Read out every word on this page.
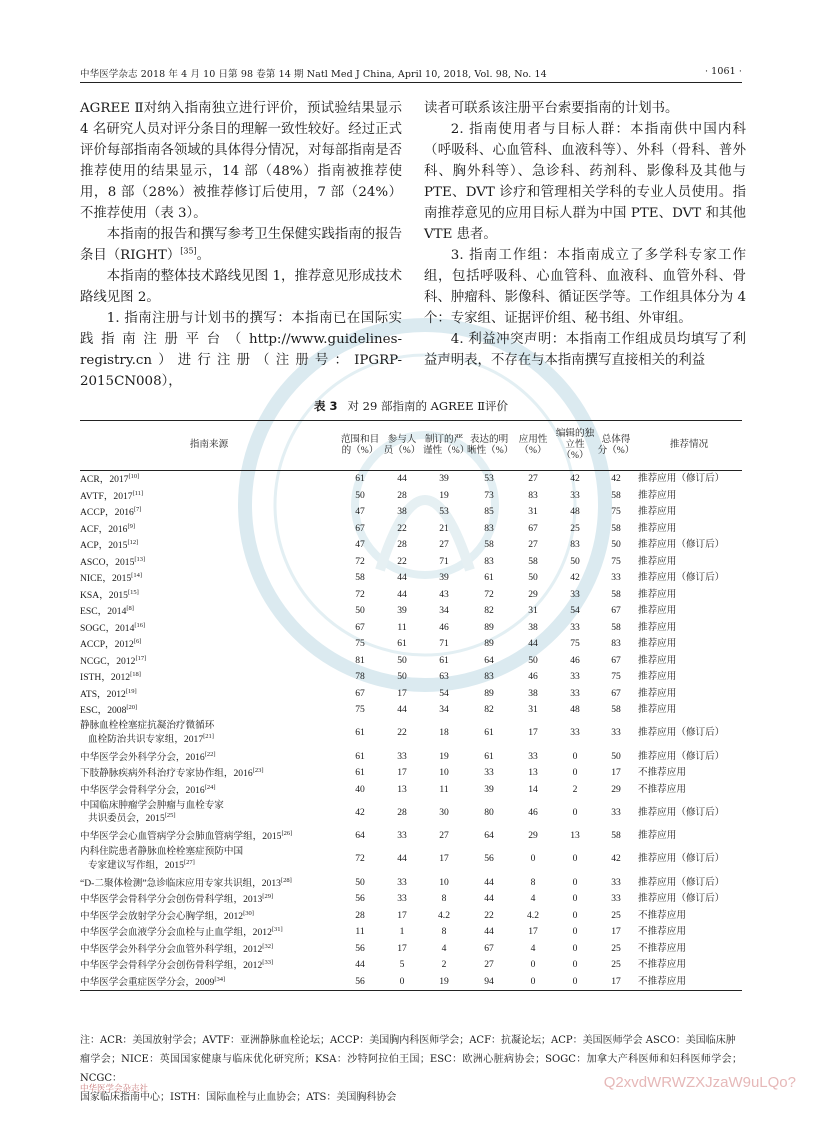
中华医学杂志 2018 年 4 月 10 日第 98 卷第 14 期 Natl Med J China, April 10, 2018, Vol. 98, No. 14	· 1061 ·

AGREE Ⅱ对纳入指南独立进行评价，预试验结果显示 4 名研究人员对评分条目的理解一致性较好。经过正式评价每部指南各领域的具体得分情况，对每部指南是否推荐使用的结果显示，14 部（48%）指南被推荐使用，8 部（28%）被推荐修订后使用，7 部（24%）不推荐使用（表 3）。

本指南的报告和撰写参考卫生保健实践指南的报告条目（RIGHT）[35]。

本指南的整体技术路线见图 1，推荐意见形成技术路线见图 2。

1. 指南注册与计划书的撰写：本指南已在国际实践指南注册平台（http://www.guidelines-registry.cn）进行注册（注册号：IPGRP-2015CN008），

读者可联系该注册平台索要指南的计划书。

2. 指南使用者与目标人群：本指南供中国内科（呼吸科、心血管科、血液科等）、外科（骨科、普外科、胸外科等）、急诊科、药剂科、影像科及其他与 PTE、DVT 诊疗和管理相关学科的专业人员使用。指南推荐意见的应用目标人群为中国 PTE、DVT 和其他 VTE 患者。

3. 指南工作组：本指南成立了多学科专家工作组，包括呼吸科、心血管科、血液科、血管外科、骨科、肿瘤科、影像科、循证医学等。工作组具体分为 4 个：专家组、证据评价组、秘书组、外审组。

4. 利益冲突声明：本指南工作组成员均填写了利益声明表，不存在与本指南撰写直接相关的利益

表 3 对 29 部指南的 AGREE Ⅱ评价
指南来源	范围和目的（%）	参与人员（%）	制订的严谨性（%）	表达的明晰性（%）	应用性（%）	编辑的独立性（%）	总体得分（%）	推荐情况
ACR，2017[10]	61	44	39	53	27	42	42	推荐应用（修订后）
AVTF，2017[11]	50	28	19	73	83	33	58	推荐应用
ACCP，2016[7]	47	38	53	85	31	48	75	推荐应用
ACF，2016[9]	67	22	21	83	67	25	58	推荐应用
ACP，2015[12]	47	28	27	58	27	83	50	推荐应用（修订后）
ASCO，2015[13]	72	22	71	83	58	50	75	推荐应用
NICE，2015[14]	58	44	39	61	50	42	33	推荐应用（修订后）
KSA，2015[15]	72	44	43	72	29	33	58	推荐应用
ESC，2014[8]	50	39	34	82	31	54	67	推荐应用
SOGC，2014[16]	67	11	46	89	38	33	58	推荐应用
ACCP，2012[6]	75	61	71	89	44	75	83	推荐应用
NCGC，2012[17]	81	50	61	64	50	46	67	推荐应用
ISTH，2012[18]	78	50	63	83	46	33	75	推荐应用
ATS，2012[19]	67	17	54	89	38	33	67	推荐应用
ESC，2008[20]	75	44	34	82	31	48	58	推荐应用
静脉血栓栓塞症抗凝治疗微循环
血栓防治共识专家组，2017[21]	61	22	18	61	17	33	33	推荐应用（修订后）
中华医学会外科学分会，2016[22]	61	33	19	61	33	0	50	推荐应用（修订后）
下肢静脉疾病外科治疗专家协作组，2016[23]	61	17	10	33	13	0	17	不推荐应用
中华医学会骨科学分会，2016[24]	40	13	11	39	14	2	29	不推荐应用
中国临床肿瘤学会肿瘤与血栓专家
共识委员会，2015[25]	42	28	30	80	46	0	33	推荐应用（修订后）
中华医学会心血管病学分会肺血管病学组，2015[26]	64	33	27	64	29	13	58	推荐应用
内科住院患者静脉血栓栓塞症预防中国
专家建议写作组，2015[27]	72	44	17	56	0	0	42	推荐应用（修订后）
“D-二聚体检测”急诊临床应用专家共识组，2013[28]	50	33	10	44	8	0	33	推荐应用（修订后）
中华医学会骨科学分会创伤骨科学组，2013[29]	56	33	8	44	4	0	33	推荐应用（修订后）
中华医学会放射学分会心胸学组，2012[30]	28	17	4.2	22	4.2	0	25	不推荐应用
中华医学会血液学分会血栓与止血学组，2012[31]	11	1	8	44	17	0	17	不推荐应用
中华医学会外科学分会血管外科学组，2012[32]	56	17	4	67	4	0	25	不推荐应用
中华医学会骨科学分会创伤骨科学组，2012[33]	44	5	2	27	0	0	25	不推荐应用
中华医学会重症医学分会，2009[34]	56	0	19	94	0	0	17	不推荐应用
注：ACR：美国放射学会；AVTF：亚洲静脉血栓论坛；ACCP：美国胸内科医师学会；ACF：抗凝论坛；ACP：美国医师学会 ASCO：美国临床肿
瘤学会；NICE：英国国家健康与临床优化研究所；KSA：沙特阿拉伯王国；ESC：欧洲心脏病协会；SOGC：加拿大产科医师和妇科医师学会；NCGC：
国家临床指南中心；ISTH：国际血栓与止血协会；ATS：美国胸科协会
中华医学会杂志社	Q2xvdWRWZXJzaW9uLQo?
